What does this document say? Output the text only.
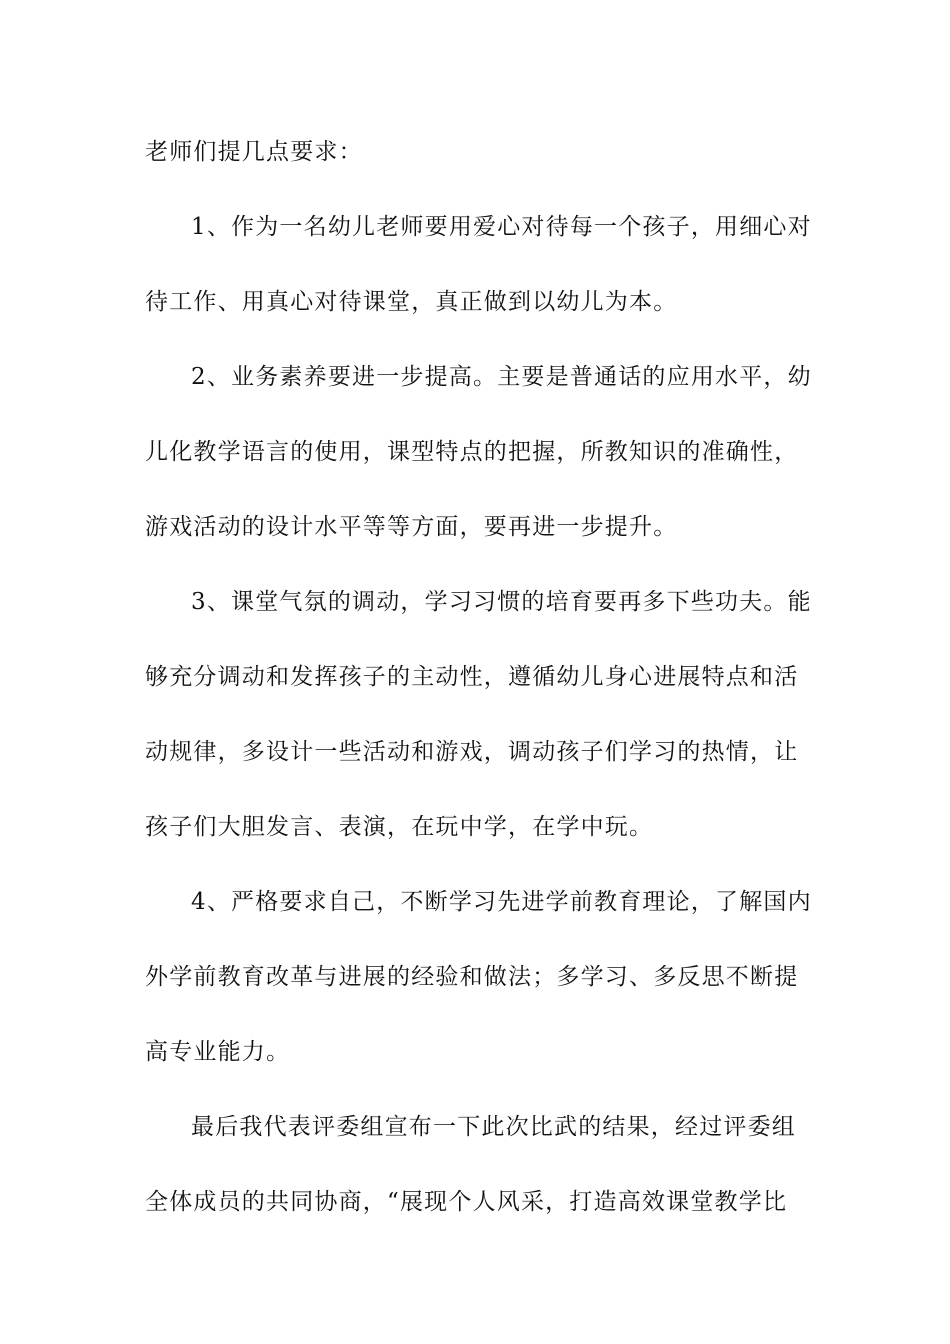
老师们提几点要求：
1、作为一名幼儿老师要用爱心对待每一个孩子，用细心对
待工作、用真心对待课堂，真正做到以幼儿为本。
2、业务素养要进一步提高。主要是普通话的应用水平，幼
儿化教学语言的使用，课型特点的把握，所教知识的准确性，
游戏活动的设计水平等等方面，要再进一步提升。
3、课堂气氛的调动，学习习惯的培育要再多下些功夫。能
够充分调动和发挥孩子的主动性，遵循幼儿身心进展特点和活
动规律，多设计一些活动和游戏，调动孩子们学习的热情，让
孩子们大胆发言、表演，在玩中学，在学中玩。
4、严格要求自己，不断学习先进学前教育理论，了解国内
外学前教育改革与进展的经验和做法；多学习、多反思不断提
高专业能力。
最后我代表评委组宣布一下此次比武的结果，经过评委组
全体成员的共同协商，“展现个人风采，打造高效课堂教学比
